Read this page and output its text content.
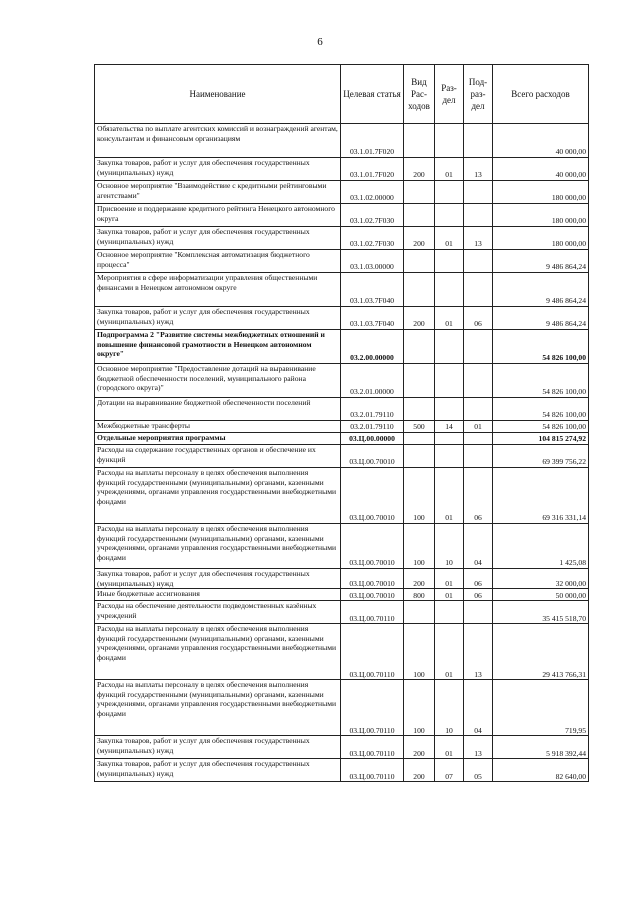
6
Наименование	Целевая статья	Вид Рас-ходов	Раз-дел	Под-раз-дел	Всего расходов
Обязательства по выплате агентских комиссий и вознаграждений агентам, консультантам и финансовым организациям	03.1.01.7F020				40 000,00
Закупка товаров, работ и услуг для обеспечения государственных (муниципальных) нужд	03.1.01.7F020	200	01	13	40 000,00
Основное мероприятие "Взаимодействие с кредитными рейтинговыми агентствами"	03.1.02.00000				180 000,00
Присвоение и поддержание кредитного рейтинга Ненецкого автономного округа	03.1.02.7F030				180 000,00
Закупка товаров, работ и услуг для обеспечения государственных (муниципальных) нужд	03.1.02.7F030	200	01	13	180 000,00
Основное мероприятие "Комплексная автоматизация бюджетного процесса"	03.1.03.00000				9 486 864,24
Мероприятия в сфере информатизации управления общественными финансами в Ненецком автономном округе	03.1.03.7F040				9 486 864,24
Закупка товаров, работ и услуг для обеспечения государственных (муниципальных) нужд	03.1.03.7F040	200	01	06	9 486 864,24
Подпрограмма 2 "Развитие системы межбюджетных отношений и повышение финансовой грамотности в Ненецком автономном округе"	03.2.00.00000				54 826 100,00
Основное мероприятие "Предоставление дотаций на выравнивание бюджетной обеспеченности поселений, муниципального района (городского округа)"	03.2.01.00000				54 826 100,00
Дотации на выравнивание бюджетной обеспеченности поселений	03.2.01.79110				54 826 100,00
Межбюджетные трансферты	03.2.01.79110	500	14	01	54 826 100,00
Отдельные мероприятия программы	03.Ц.00.00000				104 815 274,92
Расходы на содержание государственных органов и обеспечение их функций	03.Ц.00.70010				69 399 756,22
Расходы на выплаты персоналу в целях обеспечения выполнения функций государственными (муниципальными) органами, казенными учреждениями, органами управления государственными внебюджетными фондами	03.Ц.00.70010	100	01	06	69 316 331,14
Расходы на выплаты персоналу в целях обеспечения выполнения функций государственными (муниципальными) органами, казенными учреждениями, органами управления государственными внебюджетными фондами	03.Ц.00.70010	100	10	04	1 425,08
Закупка товаров, работ и услуг для обеспечения государственных (муниципальных) нужд	03.Ц.00.70010	200	01	06	32 000,00
Иные бюджетные ассигнования	03.Ц.00.70010	800	01	06	50 000,00
Расходы на обеспечение деятельности подведомственных казённых учреждений	03.Ц.00.70110				35 415 518,70
Расходы на выплаты персоналу в целях обеспечения выполнения функций государственными (муниципальными) органами, казенными учреждениями, органами управления государственными внебюджетными фондами	03.Ц.00.70110	100	01	13	29 413 766,31
Расходы на выплаты персоналу в целях обеспечения выполнения функций государственными (муниципальными) органами, казенными учреждениями, органами управления государственными внебюджетными фондами	03.Ц.00.70110	100	10	04	719,95
Закупка товаров, работ и услуг для обеспечения государственных (муниципальных) нужд	03.Ц.00.70110	200	01	13	5 918 392,44
Закупка товаров, работ и услуг для обеспечения государственных (муниципальных) нужд	03.Ц.00.70110	200	07	05	82 640,00
